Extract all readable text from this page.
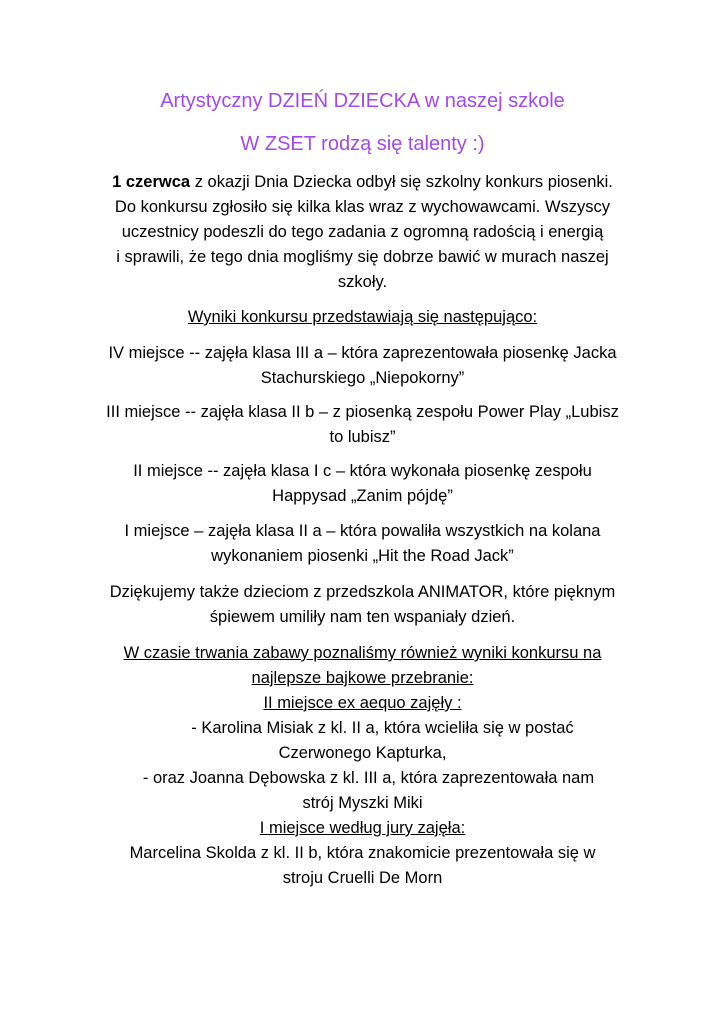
Artystyczny DZIEŃ DZIECKA w naszej szkole
W ZSET rodzą się talenty :)
1 czerwca z okazji Dnia Dziecka odbył się szkolny konkurs piosenki.
Do konkursu zgłosiło się kilka klas wraz z wychowawcami. Wszyscy
uczestnicy podeszli do tego zadania z ogromną radością i energią
i sprawili, że tego dnia mogliśmy się dobrze bawić w murach naszej
szkoły.
Wyniki konkursu przedstawiają się następująco:
IV miejsce -- zajęła klasa III a – która zaprezentowała piosenkę Jacka
Stachurskiego „Niepokorny”
III miejsce -- zajęła klasa II b – z piosenką zespołu Power Play „Lubisz
to lubisz”
II miejsce -- zajęła klasa I c – która wykonała piosenkę zespołu
Happysad „Zanim pójdę”
I miejsce – zajęła klasa II a – która powaliła wszystkich na kolana
wykonaniem piosenki „Hit the Road Jack”
Dziękujemy także dzieciom z przedszkola ANIMATOR, które pięknym
śpiewem umiliły nam ten wspaniały dzień.
W czasie trwania zabawy poznaliśmy również wyniki konkursu na
najlepsze bajkowe przebranie:
II miejsce ex aequo zajęły :
- Karolina Misiak z kl. II a, która wcieliła się w postać
Czerwonego Kapturka,
- oraz Joanna Dębowska z kl. III a, która zaprezentowała nam
strój Myszki Miki
I miejsce według jury zajęła:
Marcelina Skolda z kl. II b, która znakomicie prezentowała się w
stroju Cruelli De Morn
